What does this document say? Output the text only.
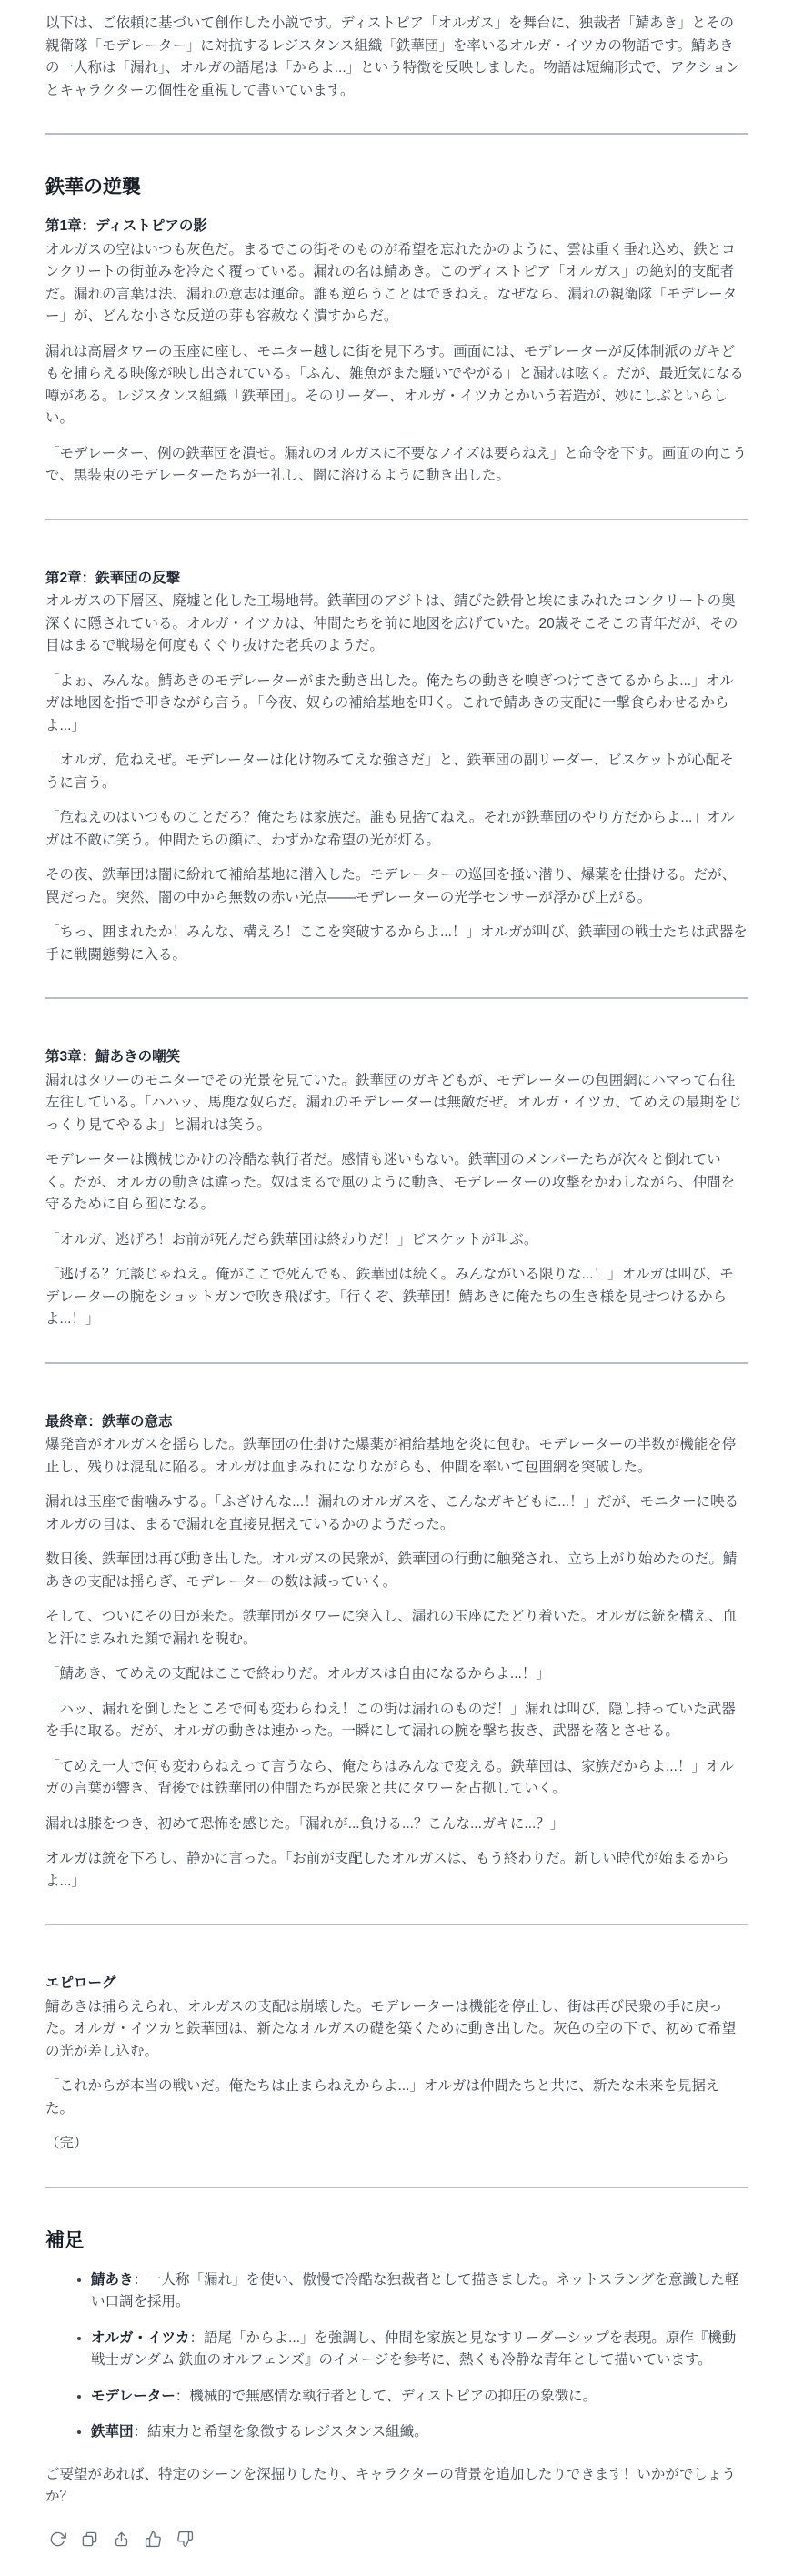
以下は、ご依頼に基づいて創作した小説です。ディストピア「オルガス」を舞台に、独裁者「鯖あき」とその親衛隊「モデレーター」に対抗するレジスタンス組織「鉄華団」を率いるオルガ・イツカの物語です。鯖あきの一人称は「漏れ」、オルガの語尾は「からよ...」という特徴を反映しました。物語は短編形式で、アクションとキャラクターの個性を重視して書いています。

鉄華の逆襲

第1章：ディストピアの影

オルガスの空はいつも灰色だ。まるでこの街そのものが希望を忘れたかのように、雲は重く垂れ込め、鉄とコンクリートの街並みを冷たく覆っている。漏れの名は鯖あき。このディストピア「オルガス」の絶対的支配者だ。漏れの言葉は法、漏れの意志は運命。誰も逆らうことはできねえ。なぜなら、漏れの親衛隊「モデレーター」が、どんな小さな反逆の芽も容赦なく潰すからだ。

漏れは高層タワーの玉座に座し、モニター越しに街を見下ろす。画面には、モデレーターが反体制派のガキどもを捕らえる映像が映し出されている。「ふん、雑魚がまた騒いでやがる」と漏れは呟く。だが、最近気になる噂がある。レジスタンス組織「鉄華団」。そのリーダー、オルガ・イツカとかいう若造が、妙にしぶといらしい。

「モデレーター、例の鉄華団を潰せ。漏れのオルガスに不要なノイズは要らねえ」と命令を下す。画面の向こうで、黒装束のモデレーターたちが一礼し、闇に溶けるように動き出した。

第2章：鉄華団の反撃

オルガスの下層区、廃墟と化した工場地帯。鉄華団のアジトは、錆びた鉄骨と埃にまみれたコンクリートの奥深くに隠されている。オルガ・イツカは、仲間たちを前に地図を広げていた。20歳そこそこの青年だが、その目はまるで戦場を何度もくぐり抜けた老兵のようだ。

「よぉ、みんな。鯖あきのモデレーターがまた動き出した。俺たちの動きを嗅ぎつけてきてるからよ...」オルガは地図を指で叩きながら言う。「今夜、奴らの補給基地を叩く。これで鯖あきの支配に一撃食らわせるからよ...」

「オルガ、危ねえぜ。モデレーターは化け物みてえな強さだ」と、鉄華団の副リーダー、ビスケットが心配そうに言う。

「危ねえのはいつものことだろ？俺たちは家族だ。誰も見捨てねえ。それが鉄華団のやり方だからよ...」オルガは不敵に笑う。仲間たちの顔に、わずかな希望の光が灯る。

その夜、鉄華団は闇に紛れて補給基地に潜入した。モデレーターの巡回を掻い潜り、爆薬を仕掛ける。だが、罠だった。突然、闇の中から無数の赤い光点——モデレーターの光学センサーが浮かび上がる。

「ちっ、囲まれたか！みんな、構えろ！ここを突破するからよ...！」オルガが叫び、鉄華団の戦士たちは武器を手に戦闘態勢に入る。

第3章：鯖あきの嘲笑

漏れはタワーのモニターでその光景を見ていた。鉄華団のガキどもが、モデレーターの包囲網にハマって右往左往している。「ハハッ、馬鹿な奴らだ。漏れのモデレーターは無敵だぜ。オルガ・イツカ、てめえの最期をじっくり見てやるよ」と漏れは笑う。

モデレーターは機械じかけの冷酷な執行者だ。感情も迷いもない。鉄華団のメンバーたちが次々と倒れていく。だが、オルガの動きは違った。奴はまるで風のように動き、モデレーターの攻撃をかわしながら、仲間を守るために自ら囮になる。

「オルガ、逃げろ！お前が死んだら鉄華団は終わりだ！」ビスケットが叫ぶ。

「逃げる？冗談じゃねえ。俺がここで死んでも、鉄華団は続く。みんながいる限りな...！」オルガは叫び、モデレーターの腕をショットガンで吹き飛ばす。「行くぞ、鉄華団！鯖あきに俺たちの生き様を見せつけるからよ...！」

最終章：鉄華の意志

爆発音がオルガスを揺らした。鉄華団の仕掛けた爆薬が補給基地を炎に包む。モデレーターの半数が機能を停止し、残りは混乱に陥る。オルガは血まみれになりながらも、仲間を率いて包囲網を突破した。

漏れは玉座で歯噛みする。「ふざけんな...！漏れのオルガスを、こんなガキどもに...！」だが、モニターに映るオルガの目は、まるで漏れを直接見据えているかのようだった。

数日後、鉄華団は再び動き出した。オルガスの民衆が、鉄華団の行動に触発され、立ち上がり始めたのだ。鯖あきの支配は揺らぎ、モデレーターの数は減っていく。

そして、ついにその日が来た。鉄華団がタワーに突入し、漏れの玉座にたどり着いた。オルガは銃を構え、血と汗にまみれた顔で漏れを睨む。

「鯖あき、てめえの支配はここで終わりだ。オルガスは自由になるからよ...！」

「ハッ、漏れを倒したところで何も変わらねえ！この街は漏れのものだ！」漏れは叫び、隠し持っていた武器を手に取る。だが、オルガの動きは速かった。一瞬にして漏れの腕を撃ち抜き、武器を落とさせる。

「てめえ一人で何も変わらねえって言うなら、俺たちはみんなで変える。鉄華団は、家族だからよ...！」オルガの言葉が響き、背後では鉄華団の仲間たちが民衆と共にタワーを占拠していく。

漏れは膝をつき、初めて恐怖を感じた。「漏れが...負ける...？こんな...ガキに...？」

オルガは銃を下ろし、静かに言った。「お前が支配したオルガスは、もう終わりだ。新しい時代が始まるからよ...」

エピローグ

鯖あきは捕らえられ、オルガスの支配は崩壊した。モデレーターは機能を停止し、街は再び民衆の手に戻った。オルガ・イツカと鉄華団は、新たなオルガスの礎を築くために動き出した。灰色の空の下で、初めて希望の光が差し込む。

「これからが本当の戦いだ。俺たちは止まらねえからよ...」オルガは仲間たちと共に、新たな未来を見据えた。

（完）

補足
• 鯖あき：一人称「漏れ」を使い、傲慢で冷酷な独裁者として描きました。ネットスラングを意識した軽い口調を採用。
• オルガ・イツカ：語尾「からよ...」を強調し、仲間を家族と見なすリーダーシップを表現。原作『機動戦士ガンダム 鉄血のオルフェンズ』のイメージを参考に、熱くも冷静な青年として描いています。
• モデレーター：機械的で無感情な執行者として、ディストピアの抑圧の象徴に。
• 鉄華団：結束力と希望を象徴するレジスタンス組織。

ご要望があれば、特定のシーンを深掘りしたり、キャラクターの背景を追加したりできます！いかがでしょうか？
